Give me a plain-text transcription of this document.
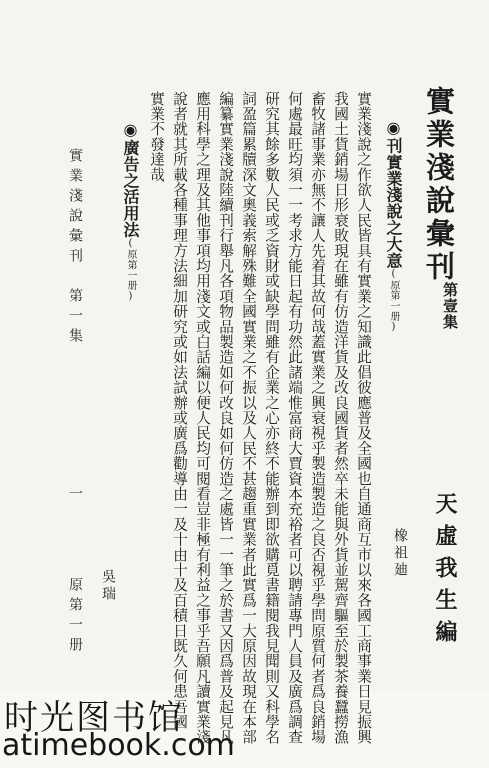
實業淺說彙刊
第壹集
天虛我生編
◉刊實業淺說之大意(原第一册)
實業淺說之作欲人民皆具有實業之知識此倡彼應普及全國也自通商互市以來各國工商事業日見振興
我國土貨銷場日形衰敗現在雖有仿造洋貨及改良國貨者然卒未能與外貨並駕齊驅至於製茶養蠶撈漁
畜牧諸事業亦無不讓人先着其故何哉蓋實業之興衰視乎製造製造之良否視乎學問原質何者爲良銷場
何處最旺均須一一考求方能日起有功然此諸端惟富商大賈資本充裕者可以聘請專門人員及廣爲調查
研究其餘多數人民或乏資財或缺學問雖有企業之心亦終不能辦到即欲購覓書籍閱我見聞則又科學名
詞盈篇累牘深文奧義索解殊難全國實業之不振以及人民不甚趨重實業者此實爲一大原因故現在本部
編纂實業淺說陸續刊行舉凡各項物品製造如何改良如何仿造之處皆一一筆之於書又因爲普及起見凡
應用科學之理及其他事項均用淺文或白話編以便人民均可閱看豈非極有利益之事乎吾願凡讀實業淺
說者就其所載各種事理方法細加研究或如法試辦或廣爲勸導由一及十由十及百積日既久何患吾國
實業不發達哉
橡祖廸
◉廣告之活用法(原第一册)
吳瑞
實業淺說彙刊　第一集
一
原第一册
时光图书馆
atimebook.com
